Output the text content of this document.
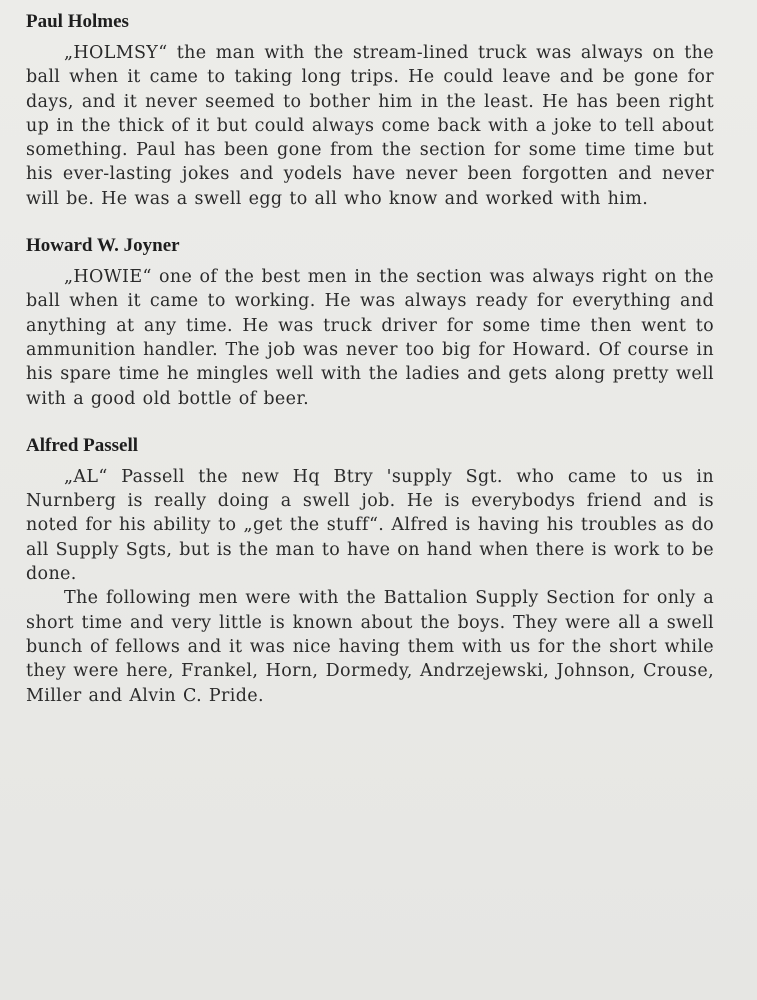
Paul Holmes

„HOLMSY“ the man with the stream-lined truck was always on the ball when it came to taking long trips. He could leave and be gone for days, and it never seemed to bother him in the least. He has been right up in the thick of it but could always come back with a joke to tell about something. Paul has been gone from the section for some time time but his ever-lasting jokes and yodels have never been forgotten and never will be. He was a swell egg to all who know and worked with him.

Howard W. Joyner

„HOWIE“ one of the best men in the section was always right on the ball when it came to working. He was always ready for everything and anything at any time. He was truck driver for some time then went to ammunition handler. The job was never too big for Howard. Of course in his spare time he mingles well with the ladies and gets along pretty well with a good old bottle of beer.

Alfred Passell

„AL“ Passell the new Hq Btry 'supply Sgt. who came to us in Nurnberg is really doing a swell job. He is everybodys friend and is noted for his ability to „get the stuff“. Alfred is having his troubles as do all Supply Sgts, but is the man to have on hand when there is work to be done.

The following men were with the Battalion Supply Section for only a short time and very little is known about the boys. They were all a swell bunch of fellows and it was nice having them with us for the short while they were here, Frankel, Horn, Dormedy, Andrzejewski, Johnson, Crouse, Miller and Alvin C. Pride.
